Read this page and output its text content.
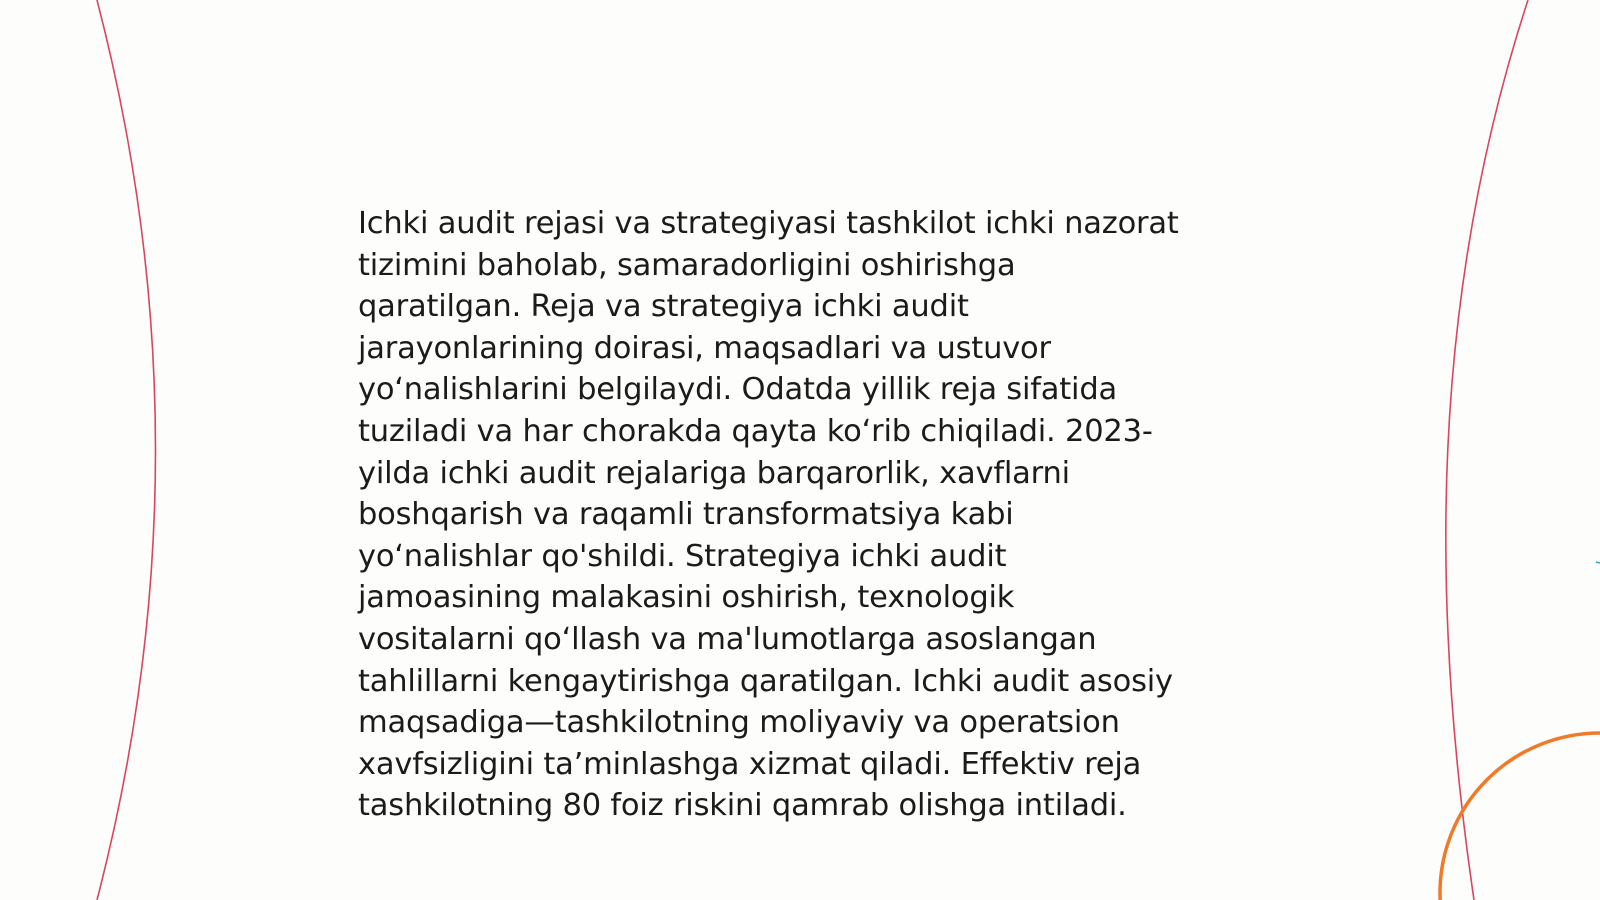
Ichki audit rejasi va strategiyasi tashkilot ichki nazorat
tizimini baholab, samaradorligini oshirishga
qaratilgan. Reja va strategiya ichki audit
jarayonlarining doirasi, maqsadlari va ustuvor
yo‘nalishlarini belgilaydi. Odatda yillik reja sifatida
tuziladi va har chorakda qayta ko‘rib chiqiladi. 2023-
yilda ichki audit rejalariga barqarorlik, xavflarni
boshqarish va raqamli transformatsiya kabi
yo‘nalishlar qo'shildi. Strategiya ichki audit
jamoasining malakasini oshirish, texnologik
vositalarni qo‘llash va ma'lumotlarga asoslangan
tahlillarni kengaytirishga qaratilgan. Ichki audit asosiy
maqsadiga—tashkilotning moliyaviy va operatsion
xavfsizligini ta’minlashga xizmat qiladi. Effektiv reja
tashkilotning 80 foiz riskini qamrab olishga intiladi.
